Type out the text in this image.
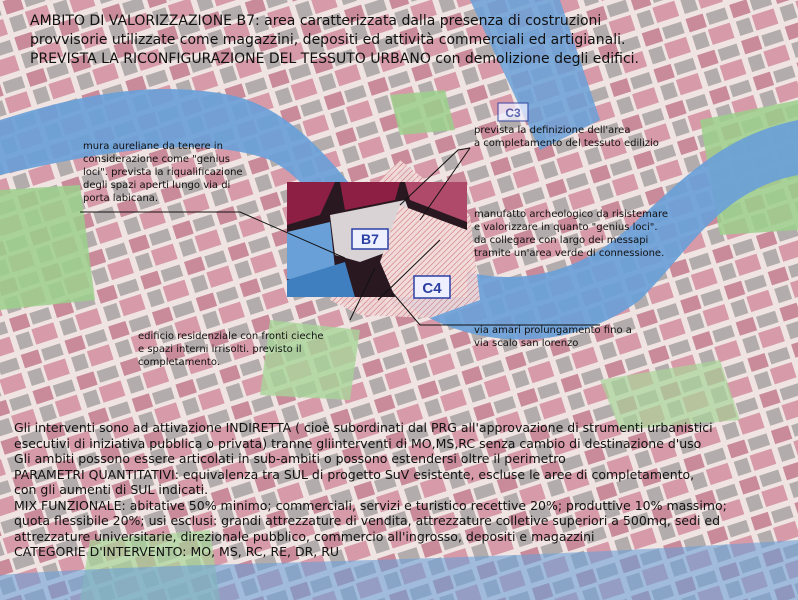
B7
C4
C3
AMBITO DI VALORIZZAZIONE B7: area caratterizzata dalla presenza di costruzioni
provvisorie utilizzate come magazzini, depositi ed attività commerciali ed artigianali.
PREVISTA LA RICONFIGURAZIONE DEL TESSUTO URBANO con demolizione degli edifici.
mura aureliane da tenere in
considerazione come "genius
loci". prevista la riqualificazione
degli spazi aperti lungo via di
porta labicana.
prevista la definizione dell'area
a completamento del tessuto edilizio
manufatto archeologico da risistemare
e valorizzare in quanto "genius loci".
da collegare con largo dei messapi
tramite un'area verde di connessione.
edificio residenziale con fronti cieche
e spazi interni irrisolti. previsto il
completamento.
via amari prolungamento fino a
via scalo san lorenzo
Gli interventi sono ad attivazione INDIRETTA ( cioè subordinati dal PRG all'approvazione di strumenti urbanistici
esecutivi di iniziativa pubblica o privata) tranne gliinterventi di MO,MS,RC senza cambio di destinazione d'uso
Gli ambiti possono essere articolati in sub-ambiti o possono estendersi oltre il perimetro
PARAMETRI QUANTITATIVI: equivalenza tra SUL di progetto SuV esistente, escluse le aree di completamento,
con gli aumenti di SUL indicati.
MIX FUNZIONALE: abitative 50% minimo; commerciali, servizi e turistico recettive 20%; produttive 10% massimo;
quota flessibile 20%; usi esclusi: grandi attrezzature di vendita, attrezzature colletive superiori a 500mq, sedi ed
attrezzature universitarie, direzionale pubblico, commercio all'ingrosso, depositi e magazzini
CATEGORIE D'INTERVENTO: MO, MS, RC, RE, DR, RU
